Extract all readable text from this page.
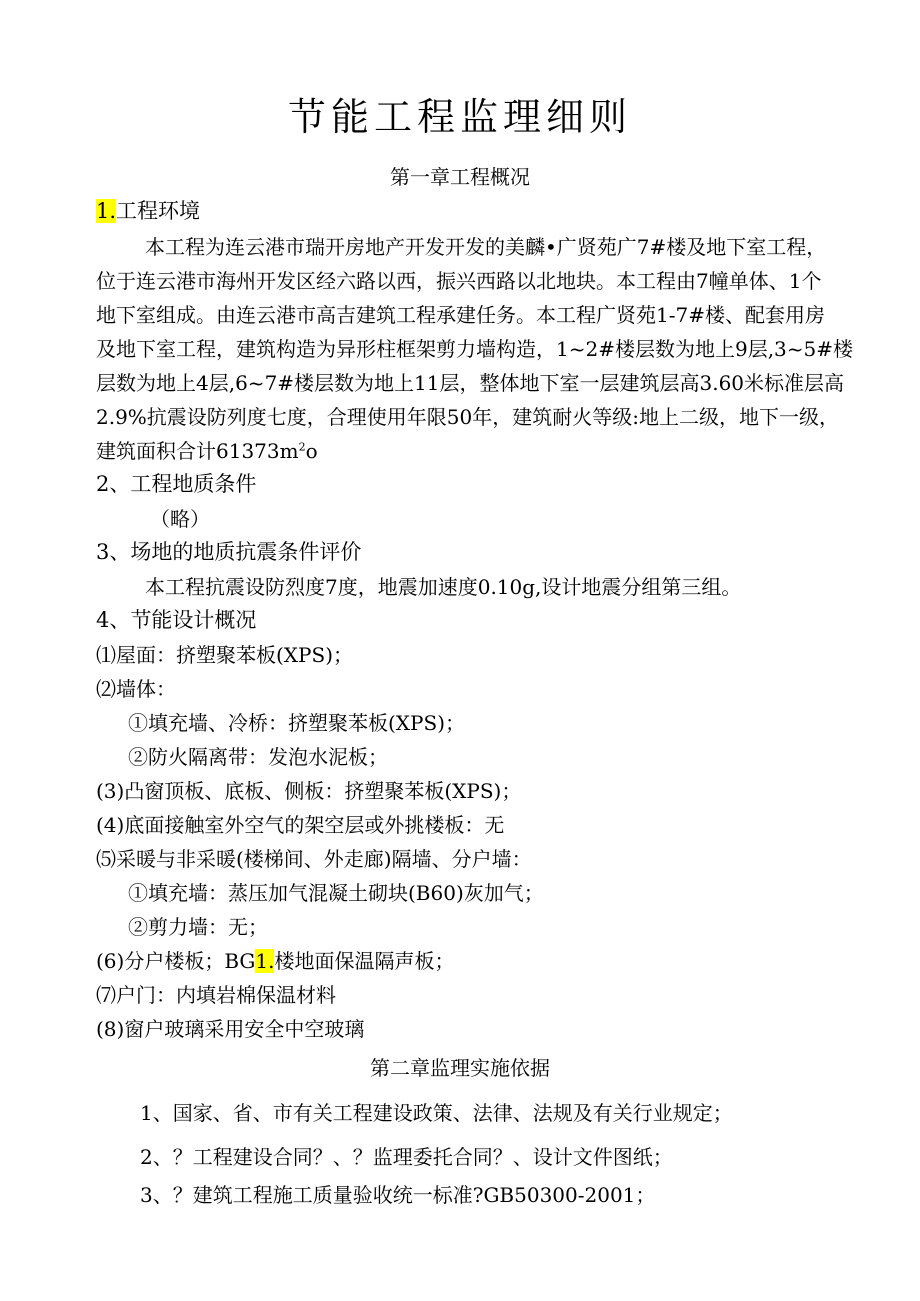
节能工程监理细则
第一章工程概况
1.工程环境
本工程为连云港市瑞开房地产开发开发的美麟•广贤苑广7#楼及地下室工程，
位于连云港市海州开发区经六路以西，振兴西路以北地块。本工程由7幢单体、1个
地下室组成。由连云港市高吉建筑工程承建任务。本工程广贤苑1-7#楼、配套用房
及地下室工程，建筑构造为异形柱框架剪力墙构造，1~2#楼层数为地上9层,3~5#楼
层数为地上4层,6~7#楼层数为地上11层，整体地下室一层建筑层高3.60米标准层高
2.9%抗震设防列度七度，合理使用年限50年，建筑耐火等级:地上二级，地下一级，
建筑面积合计$61373m^2o$
2、工程地质条件
（略）
3、场地的地质抗震条件评价
本工程抗震设防烈度7度，地震加速度0.10g,设计地震分组第三组。
4、节能设计概况
⑴屋面：挤塑聚苯板(XPS)；
⑵墙体：
①填充墙、冷桥：挤塑聚苯板(XPS)；
②防火隔离带：发泡水泥板；
(3)凸窗顶板、底板、侧板：挤塑聚苯板(XPS)；
(4)底面接触室外空气的架空层或外挑楼板：无
⑸采暖与非采暖(楼梯间、外走廊)隔墙、分户墙：
①填充墙：蒸压加气混凝土砌块(B60)灰加气；
②剪力墙：无；
(6)分户楼板；BG1.楼地面保温隔声板；
⑺户门：内填岩棉保温材料
(8)窗户玻璃采用安全中空玻璃
第二章监理实施依据
1、国家、省、市有关工程建设政策、法律、法规及有关行业规定；
2、？工程建设合同？、？监理委托合同？、设计文件图纸；
3、？建筑工程施工质量验收统一标准?GB50300-2001；
